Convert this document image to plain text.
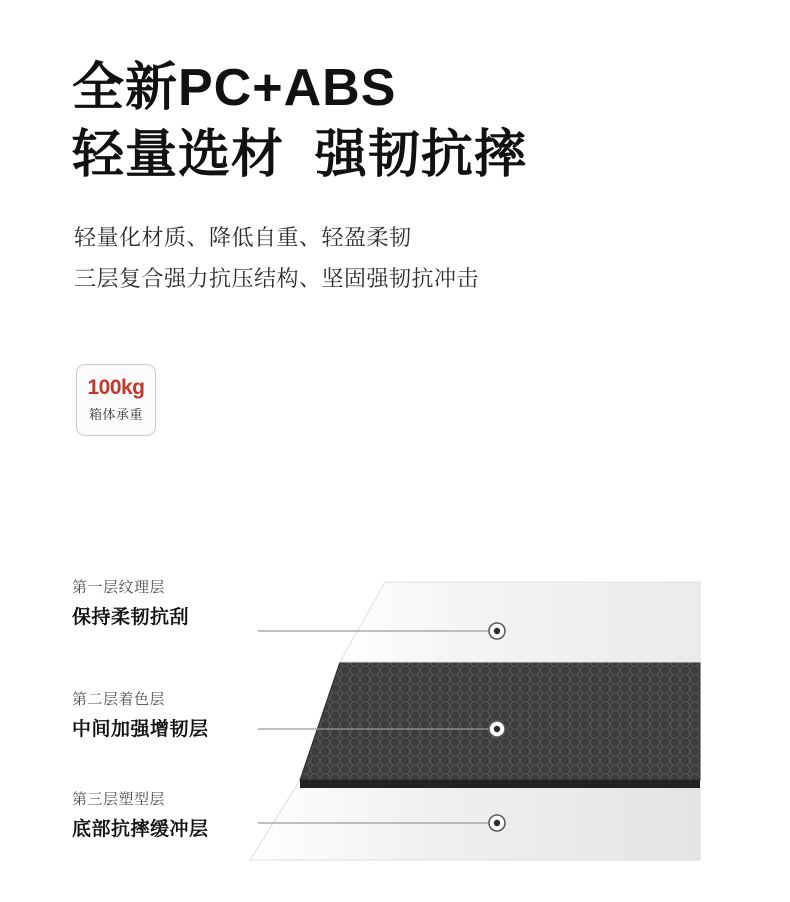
全新PC+ABS
轻量选材  强韧抗摔
轻量化材质、降低自重、轻盈柔韧
三层复合强力抗压结构、坚固强韧抗冲击
100kg
箱体承重
第一层纹理层
保持柔韧抗刮
第二层着色层
中间加强增韧层
第三层塑型层
底部抗摔缓冲层
